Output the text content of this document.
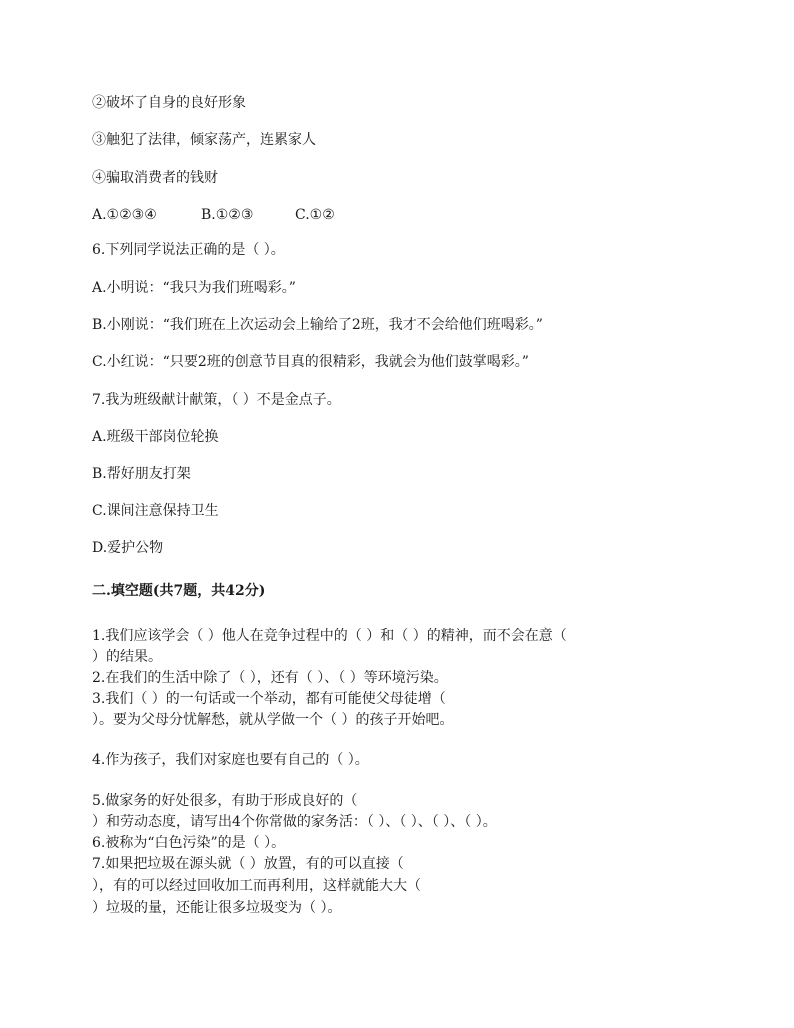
②破坏了自身的良好形象
③触犯了法律，倾家荡产，连累家人
④骗取消费者的钱财
A.①②③④	B.①②③	C.①②
6.下列同学说法正确的是（ ）。
A.小明说：“我只为我们班喝彩。”
B.小刚说：“我们班在上次运动会上输给了2班，我才不会给他们班喝彩。”
C.小红说：“只要2班的创意节目真的很精彩，我就会为他们鼓掌喝彩。”
7.我为班级献计献策，（ ）不是金点子。
A.班级干部岗位轮换
B.帮好朋友打架
C.课间注意保持卫生
D.爱护公物
二.填空题(共7题，共42分)
1.我们应该学会（ ）他人在竞争过程中的（ ）和（ ）的精神，而不会在意（
）的结果。
2.在我们的生活中除了（ ），还有（ ）、（ ）等环境污染。
3.我们（ ）的一句话或一个举动，都有可能使父母徒增（
）。要为父母分忧解愁，就从学做一个（ ）的孩子开始吧。
4.作为孩子，我们对家庭也要有自己的（ ）。
5.做家务的好处很多，有助于形成良好的（
）和劳动态度，请写出4个你常做的家务活：（ ）、（ ）、（ ）、（ ）。
6.被称为“白色污染”的是（ ）。
7.如果把垃圾在源头就（ ）放置，有的可以直接（
），有的可以经过回收加工而再利用，这样就能大大（
）垃圾的量，还能让很多垃圾变为（ ）。
